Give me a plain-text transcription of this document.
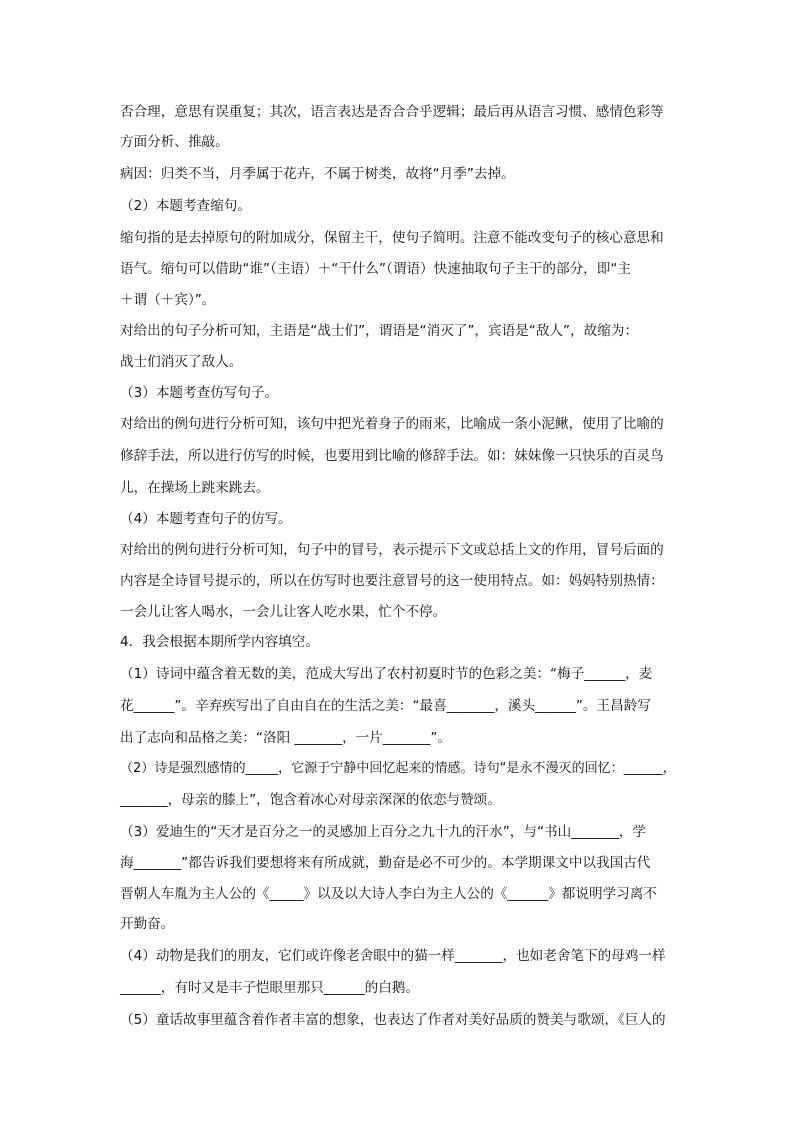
否合理，意思有误重复；其次，语言表达是否合合乎逻辑；最后再从语言习惯、感情色彩等
方面分析、推敲。
病因：归类不当，月季属于花卉，不属于树类，故将“月季”去掉。
（2）本题考查缩句。
缩句指的是去掉原句的附加成分，保留主干，使句子简明。注意不能改变句子的核心意思和
语气。缩句可以借助“谁”（主语）＋“干什么”（谓语）快速抽取句子主干的部分，即“主
＋谓（＋宾）”。
对给出的句子分析可知，主语是“战士们”，谓语是“消灭了”，宾语是“敌人”，故缩为：
战士们消灭了敌人。
（3）本题考查仿写句子。
对给出的例句进行分析可知，该句中把光着身子的雨来，比喻成一条小泥鳅，使用了比喻的
修辞手法，所以进行仿写的时候，也要用到比喻的修辞手法。如：妹妹像一只快乐的百灵鸟
儿，在操场上跳来跳去。
（4）本题考查句子的仿写。
对给出的例句进行分析可知，句子中的冒号，表示提示下文或总括上文的作用，冒号后面的
内容是全诗冒号提示的，所以在仿写时也要注意冒号的这一使用特点。如：妈妈特别热情：
一会儿让客人喝水，一会儿让客人吃水果，忙个不停。
4．我会根据本期所学内容填空。
（1）诗词中蕴含着无数的美，范成大写出了农村初夏时节的色彩之美：“梅子______，麦
花______”。辛弃疾写出了自由自在的生活之美：“最喜_______，溪头______”。王昌龄写
出了志向和品格之美：“洛阳 _______，一片_______”。
（2）诗是强烈感情的_____，它源于宁静中回忆起来的情感。诗句“是永不漫灭的回忆：______，
_______，母亲的膝上”，饱含着冰心对母亲深深的依恋与赞颂。
（3）爱迪生的“天才是百分之一的灵感加上百分之九十九的汗水”，与“书山_______，学
海_______”都告诉我们要想将来有所成就，勤奋是必不可少的。本学期课文中以我国古代
晋朝人车胤为主人公的《_____》以及以大诗人李白为主人公的《______》都说明学习离不
开勤奋。
（4）动物是我们的朋友，它们或许像老舍眼中的猫一样_______，也如老舍笔下的母鸡一样
______，有时又是丰子恺眼里那只______的白鹅。
（5）童话故事里蕴含着作者丰富的想象，也表达了作者对美好品质的赞美与歌颂，《巨人的
